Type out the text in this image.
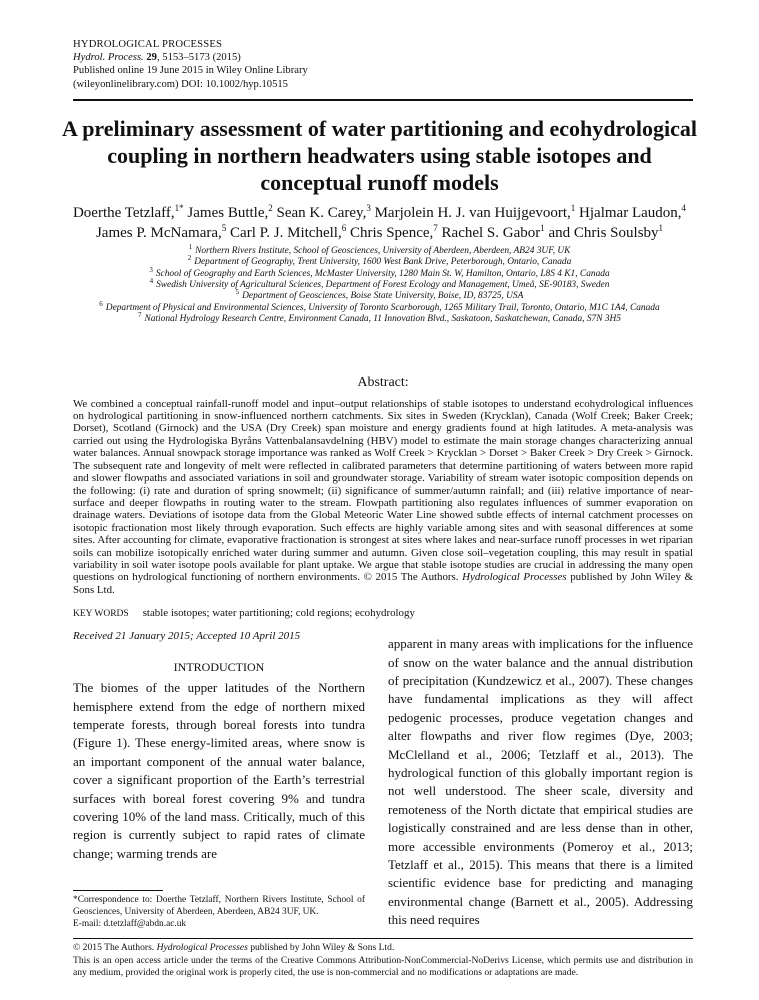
HYDROLOGICAL PROCESSES
Hydrol. Process. 29, 5153–5173 (2015)
Published online 19 June 2015 in Wiley Online Library
(wileyonlinelibrary.com) DOI: 10.1002/hyp.10515
A preliminary assessment of water partitioning and ecohydrological coupling in northern headwaters using stable isotopes and conceptual runoff models
Doerthe Tetzlaff,$^{1*}$ James Buttle,$^2$ Sean K. Carey,$^3$ Marjolein H. J. van Huijgevoort,$^1$ Hjalmar Laudon,$^4$
James P. McNamara,$^5$ Carl P. J. Mitchell,$^6$ Chris Spence,$^7$ Rachel S. Gabor$^1$ and Chris Soulsby$^1$
$^1$ Northern Rivers Institute, School of Geosciences, University of Aberdeen, Aberdeen, AB24 3UF, UK
$^2$ Department of Geography, Trent University, 1600 West Bank Drive, Peterborough, Ontario, Canada
$^3$ School of Geography and Earth Sciences, McMaster University, 1280 Main St. W, Hamilton, Ontario, L8S 4 K1, Canada
$^4$ Swedish University of Agricultural Sciences, Department of Forest Ecology and Management, Umeå, SE-90183, Sweden
$^5$ Department of Geosciences, Boise State University, Boise, ID, 83725, USA
$^6$ Department of Physical and Environmental Sciences, University of Toronto Scarborough, 1265 Military Trail, Toronto, Ontario, M1C 1A4, Canada
$^7$ National Hydrology Research Centre, Environment Canada, 11 Innovation Blvd., Saskatoon, Saskatchewan, Canada, S7N 3H5
Abstract:
We combined a conceptual rainfall-runoff model and input–output relationships of stable isotopes to understand ecohydrological influences on hydrological partitioning in snow-influenced northern catchments. Six sites in Sweden (Krycklan), Canada (Wolf Creek; Baker Creek; Dorset), Scotland (Girnock) and the USA (Dry Creek) span moisture and energy gradients found at high latitudes. A meta-analysis was carried out using the Hydrologiska Byråns Vattenbalansavdelning (HBV) model to estimate the main storage changes characterizing annual water balances. Annual snowpack storage importance was ranked as Wolf Creek > Krycklan > Dorset > Baker Creek > Dry Creek > Girnock. The subsequent rate and longevity of melt were reflected in calibrated parameters that determine partitioning of waters between more rapid and slower flowpaths and associated variations in soil and groundwater storage. Variability of stream water isotopic composition depends on the following: (i) rate and duration of spring snowmelt; (ii) significance of summer/autumn rainfall; and (iii) relative importance of near-surface and deeper flowpaths in routing water to the stream. Flowpath partitioning also regulates influences of summer evaporation on drainage waters. Deviations of isotope data from the Global Meteoric Water Line showed subtle effects of internal catchment processes on isotopic fractionation most likely through evaporation. Such effects are highly variable among sites and with seasonal differences at some sites. After accounting for climate, evaporative fractionation is strongest at sites where lakes and near-surface runoff processes in wet riparian soils can mobilize isotopically enriched water during summer and autumn. Given close soil–vegetation coupling, this may result in spatial variability in soil water isotope pools available for plant uptake. We argue that stable isotope studies are crucial in addressing the many open questions on hydrological functioning of northern environments. © 2015 The Authors. Hydrological Processes published by John Wiley & Sons Ltd.
KEY WORDS stable isotopes; water partitioning; cold regions; ecohydrology
Received 21 January 2015; Accepted 10 April 2015
INTRODUCTION
The biomes of the upper latitudes of the Northern hemisphere extend from the edge of northern mixed temperate forests, through boreal forests into tundra (Figure 1). These energy-limited areas, where snow is an important component of the annual water balance, cover a significant proportion of the Earth’s terrestrial surfaces with boreal forest covering 9% and tundra covering 10% of the land mass. Critically, much of this region is currently subject to rapid rates of climate change; warming trends are
*Correspondence to: Doerthe Tetzlaff, Northern Rivers Institute, School of Geosciences, University of Aberdeen, Aberdeen, AB24 3UF, UK.
E-mail: d.tetzlaff@abdn.ac.uk
apparent in many areas with implications for the influence of snow on the water balance and the annual distribution of precipitation (Kundzewicz et al., 2007). These changes have fundamental implications as they will affect pedogenic processes, produce vegetation changes and alter flowpaths and river flow regimes (Dye, 2003; McClelland et al., 2006; Tetzlaff et al., 2013). The hydrological function of this globally important region is not well understood. The sheer scale, diversity and remoteness of the North dictate that empirical studies are logistically constrained and are less dense than in other, more accessible environments (Pomeroy et al., 2013; Tetzlaff et al., 2015). This means that there is a limited scientific evidence base for predicting and managing environmental change (Barnett et al., 2005). Addressing this need requires
© 2015 The Authors. Hydrological Processes published by John Wiley & Sons Ltd.
This is an open access article under the terms of the Creative Commons Attribution-NonCommercial-NoDerivs License, which permits use and distribution in any medium, provided the original work is properly cited, the use is non-commercial and no modifications or adaptations are made.
